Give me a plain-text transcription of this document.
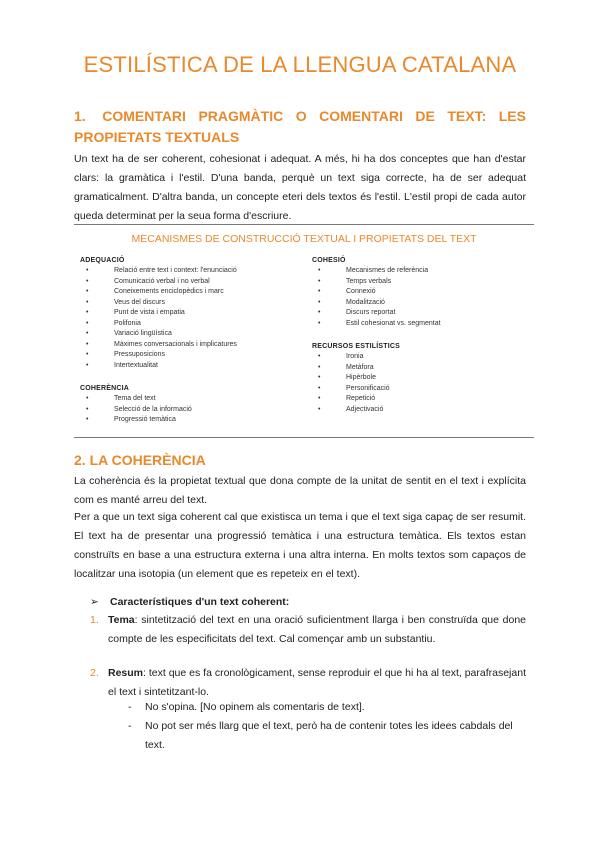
ESTILÍSTICA DE LA LLENGUA CATALANA
1. COMENTARI PRAGMÀTIC O COMENTARI DE TEXT: LES PROPIETATS TEXTUALS

Un text ha de ser coherent, cohesionat i adequat. A més, hi ha dos conceptes que han d'estar clars: la gramàtica i l'estil. D'una banda, perquè un text siga correcte, ha de ser adequat gramaticalment. D'altra banda, un concepte eteri dels textos és l'estil. L'estil propi de cada autor queda determinat per la seua forma d'escriure.

MECANISMES DE CONSTRUCCIÓ TEXTUAL I PROPIETATS DEL TEXT
ADEQUACIÓ
•	Relació entre text i context: l'enunciació
•	Comunicació verbal i no verbal
•	Coneixements enciclopèdics i marc
•	Veus del discurs
•	Punt de vista i empatia
•	Polifonia
•	Variació lingüística
•	Màximes conversacionals i implicatures
•	Pressuposicions
•	Intertextualitat
COHERÈNCIA
•	Tema del text
•	Selecció de la informació
•	Progressió temàtica
COHESIÓ
•	Mecanismes de referència
•	Temps verbals
•	Connexió
•	Modalització
•	Discurs reportat
•	Estil cohesionat vs. segmentat
RECURSOS ESTILÍSTICS
•	Ironia
•	Metàfora
•	Hipèrbole
•	Personificació
•	Repetició
•	Adjectivació
2. LA COHERÈNCIA

La coherència és la propietat textual que dona compte de la unitat de sentit en el text i explícita com es manté arreu del text.

Per a que un text siga coherent cal que existisca un tema i que el text siga capaç de ser resumit. El text ha de presentar una progressió temàtica i una estructura temàtica. Els textos estan construïts en base a una estructura externa i una altra interna. En molts textos som capaços de localitzar una isotopia (un element que es repeteix en el text).

➢ Característiques d'un text coherent:
1. Tema: sintetització del text en una oració suficientment llarga i ben construïda que done compte de les especificitats del text. Cal començar amb un substantiu.
2. Resum: text que es fa cronològicament, sense reproduir el que hi ha al text, parafrasejant el text i sintetitzant-lo.
- No s'opina. [No opinem als comentaris de text].
- No pot ser més llarg que el text, però ha de contenir totes les idees cabdals del text.
